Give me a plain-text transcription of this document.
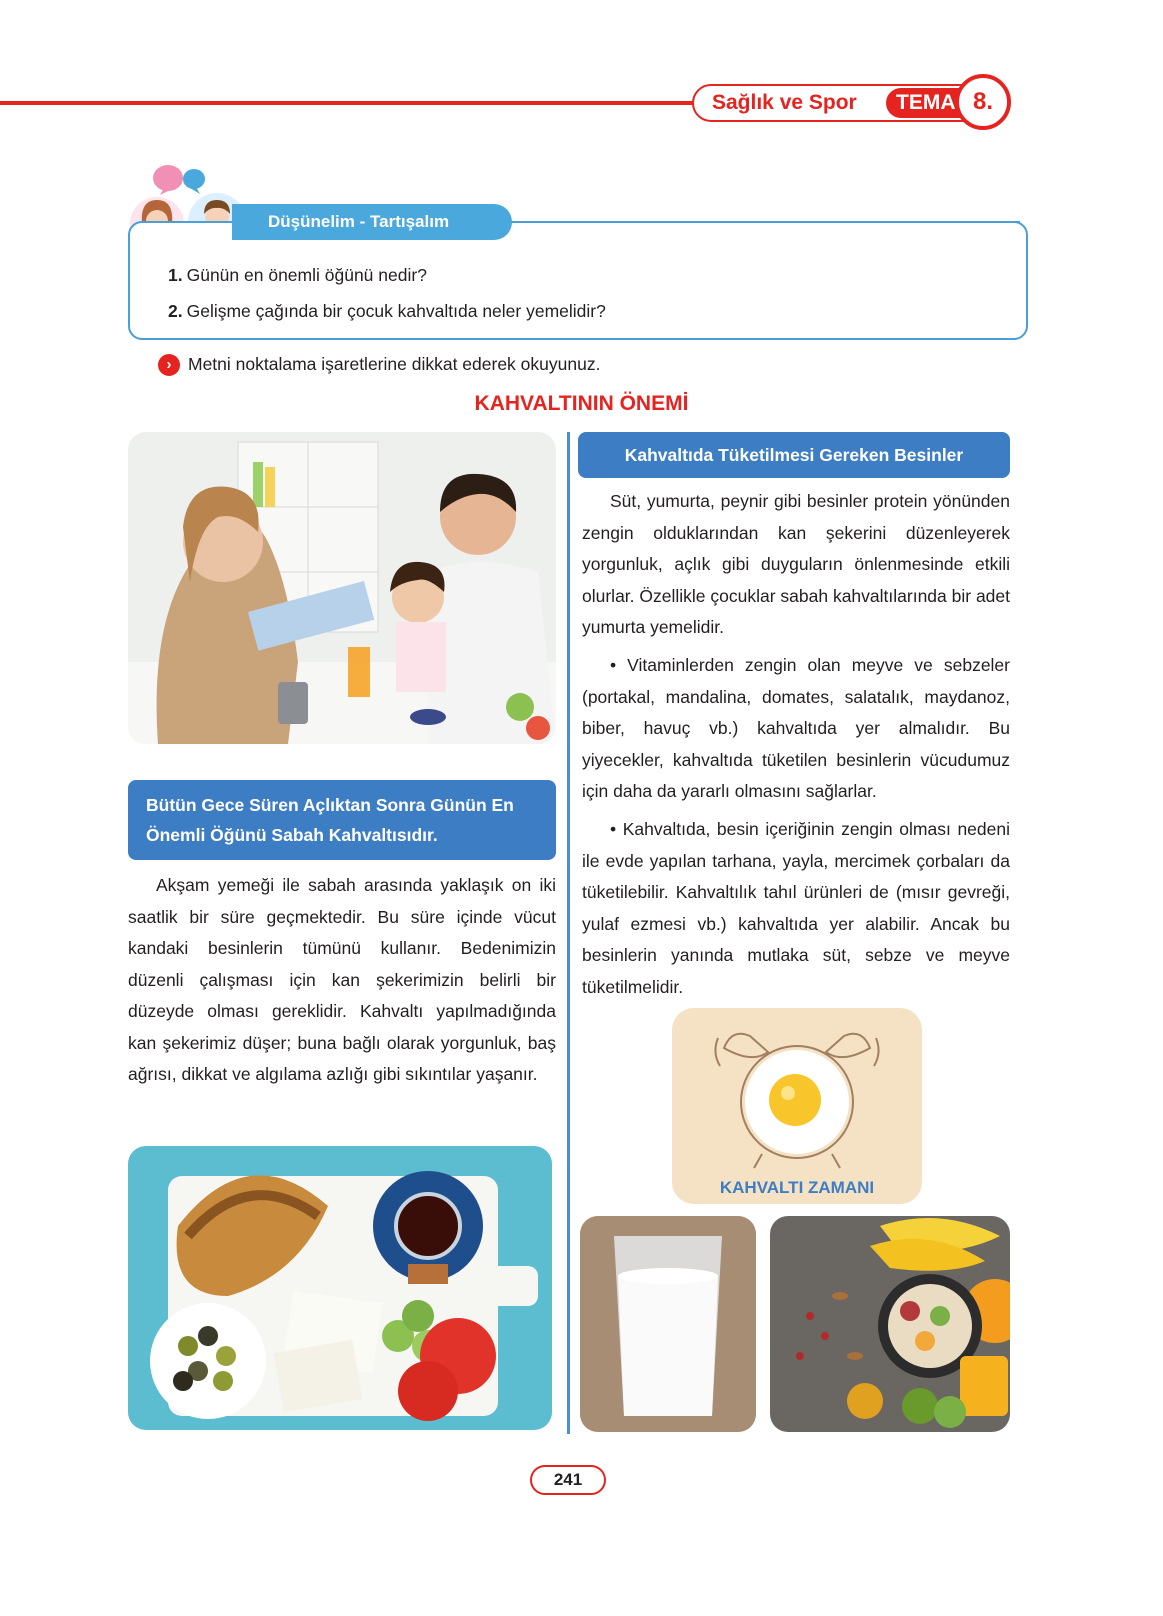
Sağlık ve Spor	TEMA 8.
Düşünelim - Tartışalım
1. Günün en önemli öğünü nedir?
2. Gelişme çağında bir çocuk kahvaltıda neler yemelidir?
› Metni noktalama işaretlerine dikkat ederek okuyunuz.
KAHVALTININ ÖNEMİ
Bütün Gece Süren Açlıktan Sonra Günün En Önemli Öğünü Sabah Kahvaltısıdır.
Akşam yemeği ile sabah arasında yaklaşık on iki saatlik bir süre geçmektedir. Bu süre içinde vücut kandaki besinlerin tümünü kullanır. Bedenimizin düzenli çalışması için kan şekerimizin belirli bir düzeyde olması gereklidir. Kahvaltı yapılmadığında kan şekerimiz düşer; buna bağlı olarak yorgunluk, baş ağrısı, dikkat ve algılama azlığı gibi sıkıntılar yaşanır.
Kahvaltıda Tüketilmesi Gereken Besinler
Süt, yumurta, peynir gibi besinler protein yönünden zengin olduklarından kan şekerini düzenleyerek yorgunluk, açlık gibi duyguların önlenmesinde etkili olurlar. Özellikle çocuklar sabah kahvaltılarında bir adet yumurta yemelidir.
• Vitaminlerden zengin olan meyve ve sebzeler (portakal, mandalina, domates, salatalık, maydanoz, biber, havuç vb.) kahvaltıda yer almalıdır. Bu yiyecekler, kahvaltıda tüketilen besinlerin vücudumuz için daha da yararlı olmasını sağlarlar.
• Kahvaltıda, besin içeriğinin zengin olması nedeni ile evde yapılan tarhana, yayla, mercimek çorbaları da tüketilebilir. Kahvaltılık tahıl ürünleri de (mısır gevreği, yulaf ezmesi vb.) kahvaltıda yer alabilir. Ancak bu besinlerin yanında mutlaka süt, sebze ve meyve tüketilmelidir.
KAHVALTI ZAMANI
241
